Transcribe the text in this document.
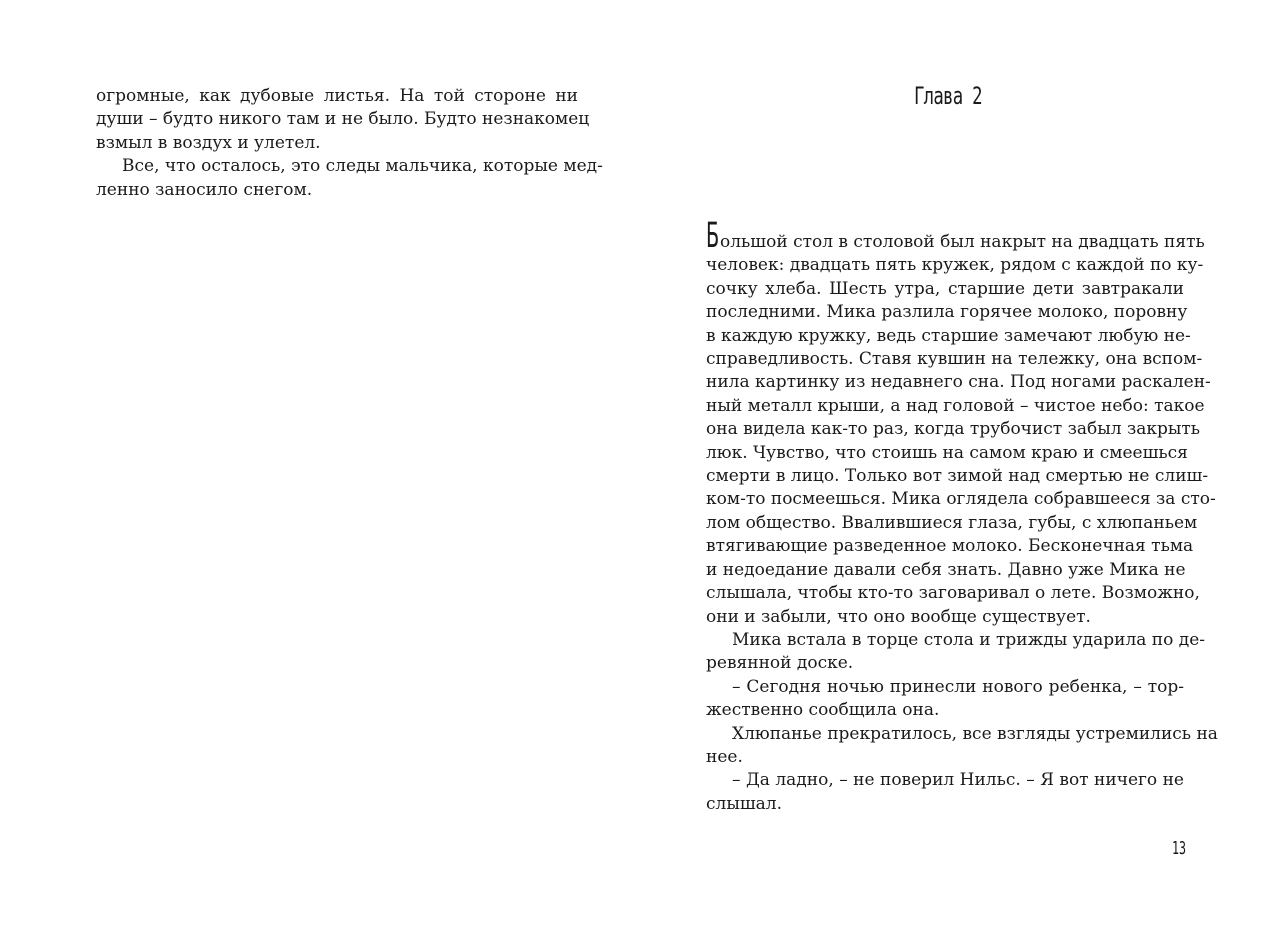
огромные, как дубовые листья. На той стороне ни
души – будто никого там и не было. Будто незнакомец
взмыл в воздух и улетел.
Все, что осталось, это следы мальчика, которые мед-
ленно заносило снегом.
Глава 2
Большой стол в столовой был накрыт на двадцать пять
человек: двадцать пять кружек, рядом с каждой по ку-
сочку хлеба. Шесть утра, старшие дети завтракали
последними. Мика разлила горячее молоко, поровну
в каждую кружку, ведь старшие замечают любую не-
справедливость. Ставя кувшин на тележку, она вспом-
нила картинку из недавнего сна. Под ногами раскален-
ный металл крыши, а над головой – чистое небо: такое
она видела как-то раз, когда трубочист забыл закрыть
люк. Чувство, что стоишь на самом краю и смеешься
смерти в лицо. Только вот зимой над смертью не слиш-
ком-то посмеешься. Мика оглядела собравшееся за сто-
лом общество. Ввалившиеся глаза, губы, с хлюпаньем
втягивающие разведенное молоко. Бесконечная тьма
и недоедание давали себя знать. Давно уже Мика не
слышала, чтобы кто-то заговаривал о лете. Возможно,
они и забыли, что оно вообще существует.
Мика встала в торце стола и трижды ударила по де-
ревянной доске.
– Сегодня ночью принесли нового ребенка, – тор-
жественно сообщила она.
Хлюпанье прекратилось, все взгляды устремились на
нее.
– Да ладно, – не поверил Нильс. – Я вот ничего не
слышал.
13
